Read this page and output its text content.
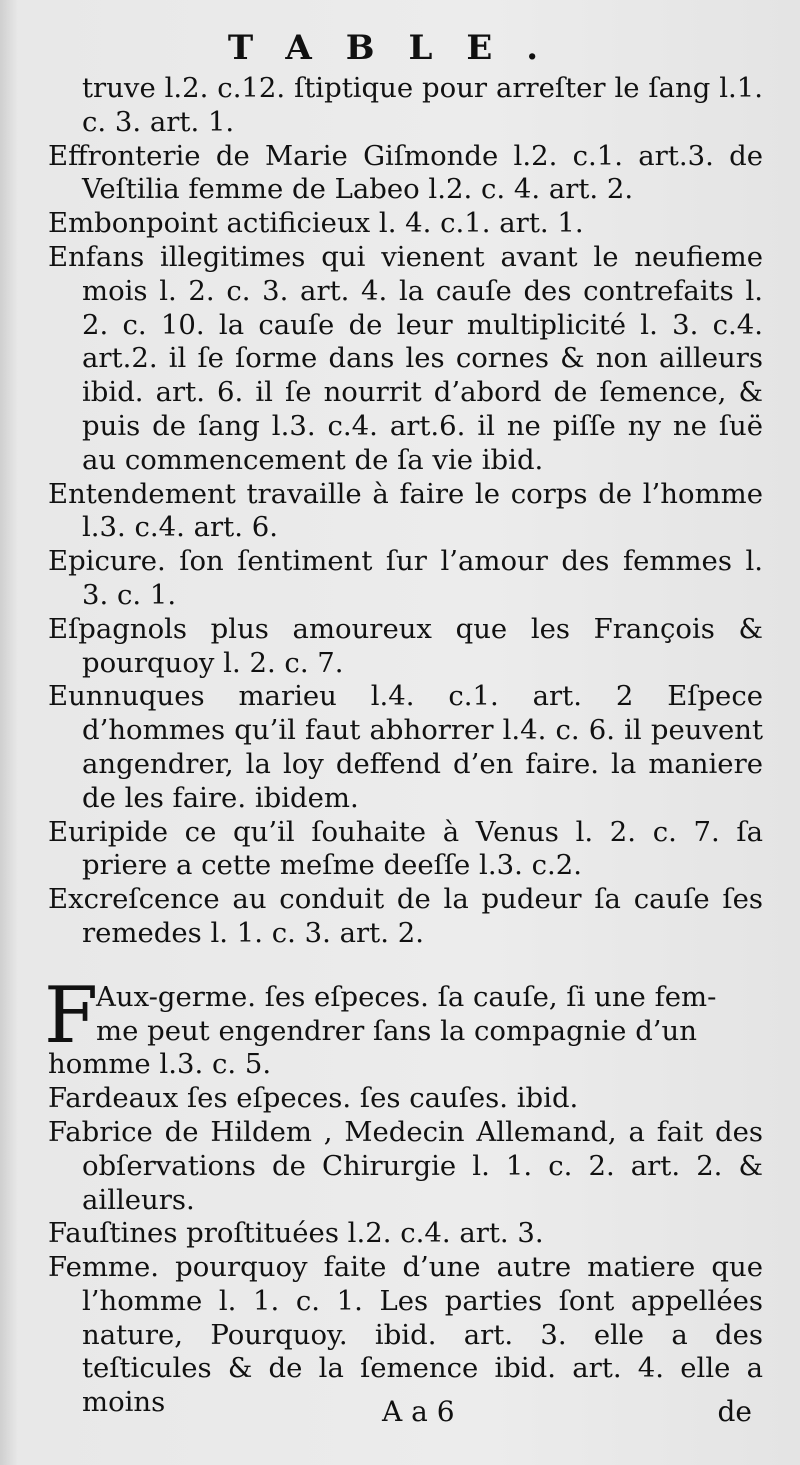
TABLE.

truve l.2. c.12. ſtiptique pour arreſter le ſang l.1. c. 3. art. 1.

Effronterie de Marie Giſmonde l.2. c.1. art.3. de Veſtilia femme de Labeo l.2. c. 4. art. 2.

Embonpoint actificieux l. 4. c.1. art. 1.

Enfans illegitimes qui vienent avant le neufieme mois l. 2. c. 3. art. 4. la cauſe des contrefaits l. 2. c. 10. la cauſe de leur multiplicité l. 3. c.4. art.2. il ſe ſorme dans les cornes & non ailleurs ibid. art. 6. il ſe nourrit d’abord de ſemence, & puis de ſang l.3. c.4. art.6. il ne piſſe ny ne ſuë au commencement de ſa vie ibid.

Entendement travaille à faire le corps de l’homme l.3. c.4. art. 6.

Epicure. ſon ſentiment ſur l’amour des femmes l. 3. c. 1.

Eſpagnols plus amoureux que les François & pourquoy l. 2. c. 7.

Eunnuques marieu l.4. c.1. art. 2 Eſpece d’hommes qu’il faut abhorrer l.4. c. 6. il peuvent angendrer, la loy deffend d’en faire. la maniere de les faire. ibidem.

Euripide ce qu’il ſouhaite à Venus l. 2. c. 7. ſa priere a cette meſme deeſſe l.3. c.2.

Excreſcence au conduit de la pudeur ſa cauſe ſes remedes l. 1. c. 3. art. 2.

F
Aux-germe. ſes eſpeces. ſa cauſe, ſi une fem-
me peut engendrer ſans la compagnie d’un
homme l.3. c. 5.

Fardeaux ſes eſpeces. ſes cauſes. ibid.

Fabrice de Hildem , Medecin Allemand, a fait des obſervations de Chirurgie l. 1. c. 2. art. 2. & ailleurs.

Fauſtines proſtituées l.2. c.4. art. 3.

Femme. pourquoy faite d’une autre matiere que l’homme l. 1. c. 1. Les parties ſont appellées nature, Pourquoy. ibid. art. 3. elle a des teſticules & de la ſemence ibid. art. 4. elle a moins	A a 6	de
